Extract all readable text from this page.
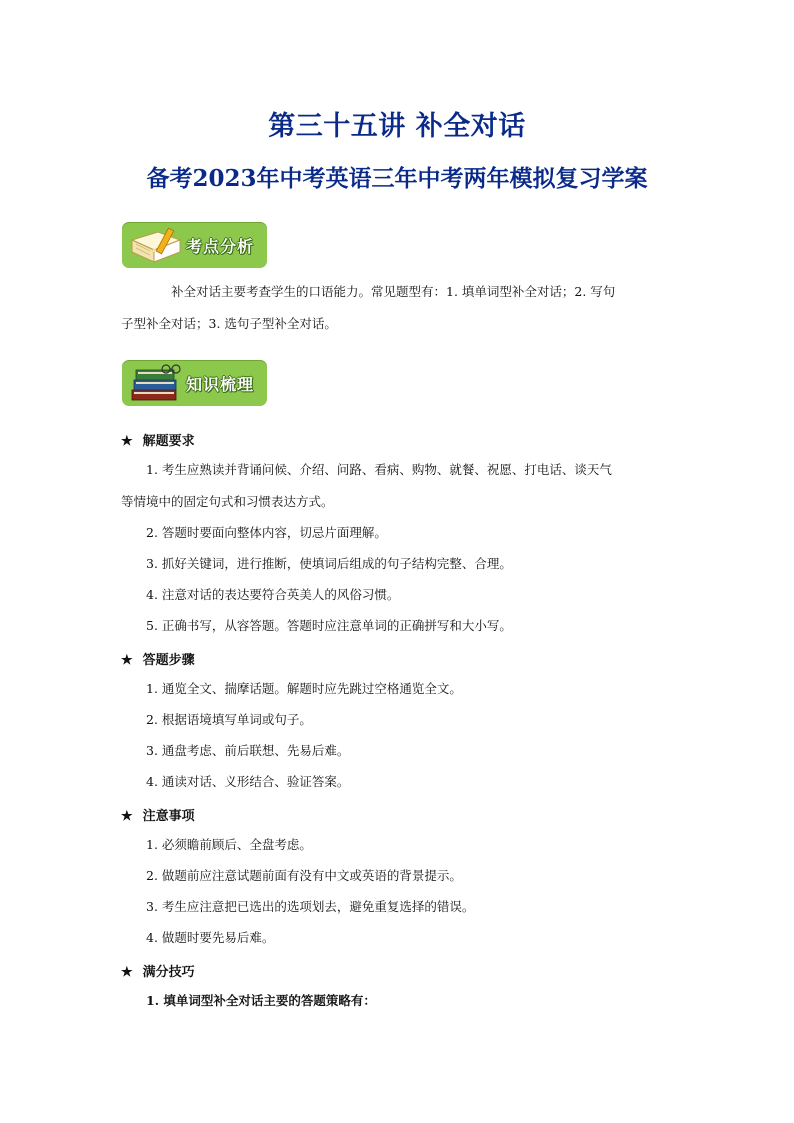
第三十五讲 补全对话
备考2023年中考英语三年中考两年模拟复习学案
考点分析
补全对话主要考查学生的口语能力。常见题型有：1. 填单词型补全对话；2. 写句
子型补全对话；3. 选句子型补全对话。
知识梳理
★ 解题要求
1. 考生应熟读并背诵问候、介绍、问路、看病、购物、就餐、祝愿、打电话、谈天气
等情境中的固定句式和习惯表达方式。
2. 答题时要面向整体内容，切忌片面理解。
3. 抓好关键词，进行推断，使填词后组成的句子结构完整、合理。
4. 注意对话的表达要符合英美人的风俗习惯。
5. 正确书写，从容答题。答题时应注意单词的正确拼写和大小写。
★ 答题步骤
1. 通览全文、揣摩话题。解题时应先跳过空格通览全文。
2. 根据语境填写单词或句子。
3. 通盘考虑、前后联想、先易后难。
4. 通读对话、义形结合、验证答案。
★ 注意事项
1. 必须瞻前顾后、全盘考虑。
2. 做题前应注意试题前面有没有中文或英语的背景提示。
3. 考生应注意把已选出的选项划去，避免重复选择的错误。
4. 做题时要先易后难。
★ 满分技巧
1. 填单词型补全对话主要的答题策略有：
